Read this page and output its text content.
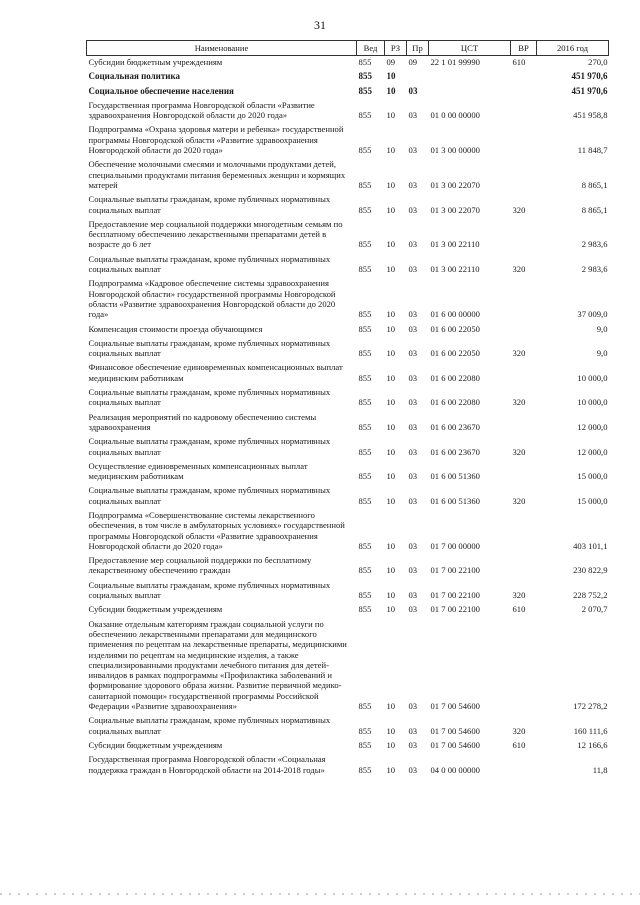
31
Наименование	Вед	РЗ	Пр	ЦСТ	ВР	2016 год
Субсидии бюджетным учреждениям	855	09	09	22 1 01 99990	610	270,0
Социальная политика	855	10				451 970,6
Социальное обеспечение населения	855	10	03			451 970,6
Государственная программа Новгородской области «Развитие здравоохранения Новгородской области до 2020 года»	855	10	03	01 0 00 00000		451 958,8
Подпрограмма «Охрана здоровья матери и ребенка» государственной программы Новгородской области «Развитие здравоохранения Новгородской области до 2020 года»	855	10	03	01 3 00 00000		11 848,7
Обеспечение молочными смесями и молочными продуктами детей, специальными продуктами питания беременных женщин и кормящих матерей	855	10	03	01 3 00 22070		8 865,1
Социальные выплаты гражданам, кроме публичных нормативных социальных выплат	855	10	03	01 3 00 22070	320	8 865,1
Предоставление мер социальной поддержки многодетным семьям по бесплатному обеспечению лекарственными препаратами детей в возрасте до 6 лет	855	10	03	01 3 00 22110		2 983,6
Социальные выплаты гражданам, кроме публичных нормативных социальных выплат	855	10	03	01 3 00 22110	320	2 983,6
Подпрограмма «Кадровое обеспечение системы здравоохранения Новгородской области» государственной программы Новгородской области «Развитие здравоохранения Новгородской области до 2020 года»	855	10	03	01 6 00 00000		37 009,0
Компенсация стоимости проезда обучающимся	855	10	03	01 6 00 22050		9,0
Социальные выплаты гражданам, кроме публичных нормативных социальных выплат	855	10	03	01 6 00 22050	320	9,0
Финансовое обеспечение единовременных компенсационных выплат медицинским работникам	855	10	03	01 6 00 22080		10 000,0
Социальные выплаты гражданам, кроме публичных нормативных социальных выплат	855	10	03	01 6 00 22080	320	10 000,0
Реализация мероприятий по кадровому обеспечению системы здравоохранения	855	10	03	01 6 00 23670		12 000,0
Социальные выплаты гражданам, кроме публичных нормативных социальных выплат	855	10	03	01 6 00 23670	320	12 000,0
Осуществление единовременных компенсационных выплат медицинским работникам	855	10	03	01 6 00 51360		15 000,0
Социальные выплаты гражданам, кроме публичных нормативных социальных выплат	855	10	03	01 6 00 51360	320	15 000,0
Подпрограмма «Совершенствование системы лекарственного обеспечения, в том числе в амбулаторных условиях» государственной программы Новгородской области «Развитие здравоохранения Новгородской области до 2020 года»	855	10	03	01 7 00 00000		403 101,1
Предоставление мер социальной поддержки по бесплатному лекарственному обеспечению граждан	855	10	03	01 7 00 22100		230 822,9
Социальные выплаты гражданам, кроме публичных нормативных социальных выплат	855	10	03	01 7 00 22100	320	228 752,2
Субсидии бюджетным учреждениям	855	10	03	01 7 00 22100	610	2 070,7
Оказание отдельным категориям граждан социальной услуги по обеспечению лекарственными препаратами для медицинского применения по рецептам на лекарственные препараты, медицинскими изделиями по рецептам на медицинские изделия, а также специализированными продуктами лечебного питания для детей-инвалидов в рамках подпрограммы «Профилактика заболеваний и формирование здорового образа жизни. Развитие первичной медико-санитарной помощи» государственной программы Российской Федерации «Развитие здравоохранения»	855	10	03	01 7 00 54600		172 278,2
Социальные выплаты гражданам, кроме публичных нормативных социальных выплат	855	10	03	01 7 00 54600	320	160 111,6
Субсидии бюджетным учреждениям	855	10	03	01 7 00 54600	610	12 166,6
Государственная программа Новгородской области «Социальная поддержка граждан в Новгородской области на 2014-2018 годы»	855	10	03	04 0 00 00000		11,8
